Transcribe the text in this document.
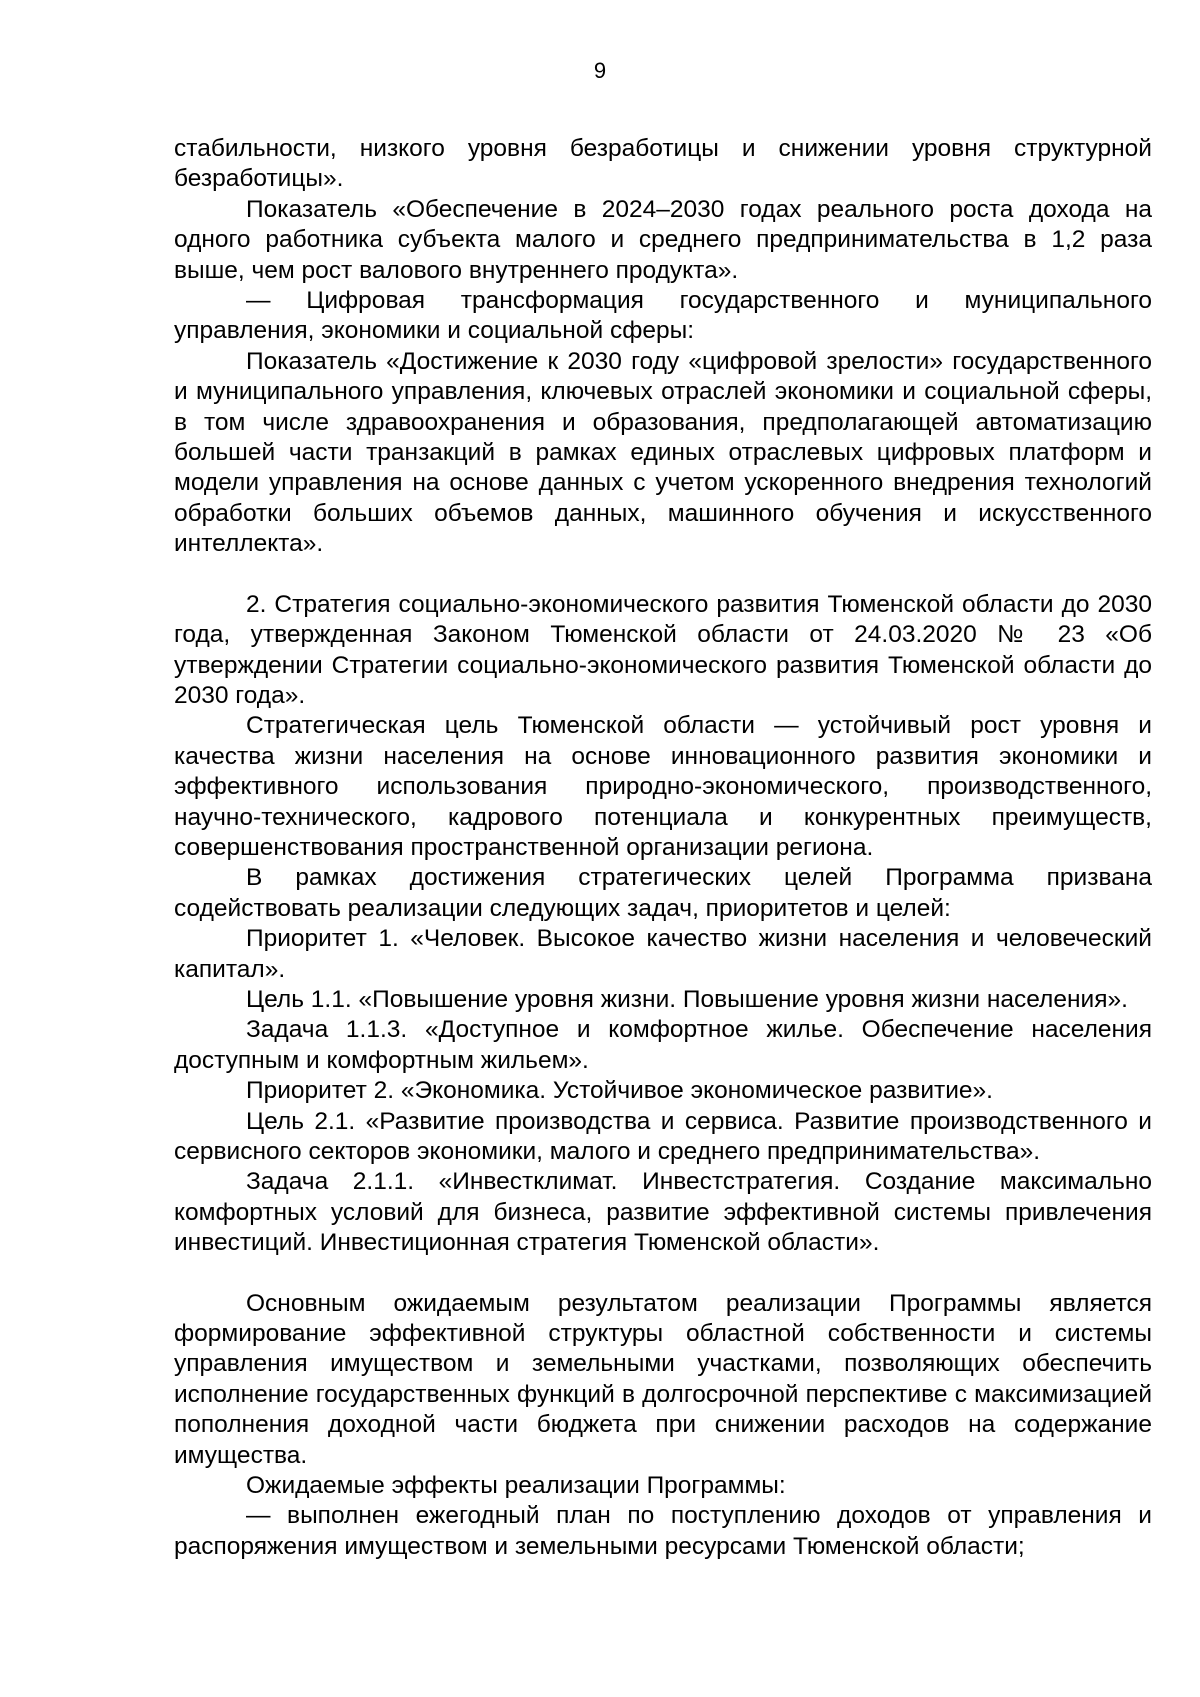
9

стабильности, низкого уровня безработицы и снижении уровня структурной безработицы».

Показатель «Обеспечение в 2024–2030 годах реального роста дохода на одного работника субъекта малого и среднего предпринимательства в 1,2 раза выше, чем рост валового внутреннего продукта».

— Цифровая трансформация государственного и муниципального управления, экономики и социальной сферы:

Показатель «Достижение к 2030 году «цифровой зрелости» государственного и муниципального управления, ключевых отраслей экономики и социальной сферы, в том числе здравоохранения и образования, предполагающей автоматизацию большей части транзакций в рамках единых отраслевых цифровых платформ и модели управления на основе данных с учетом ускоренного внедрения технологий обработки больших объемов данных, машинного обучения и искусственного интеллекта».

2. Стратегия социально-экономического развития Тюменской области до 2030 года, утвержденная Законом Тюменской области от 24.03.2020 № 23 «Об утверждении Стратегии социально-экономического развития Тюменской области до 2030 года».

Стратегическая цель Тюменской области — устойчивый рост уровня и качества жизни населения на основе инновационного развития экономики и эффективного использования природно-экономического, производственного, научно-технического, кадрового потенциала и конкурентных преимуществ, совершенствования пространственной организации региона.

В рамках достижения стратегических целей Программа призвана содействовать реализации следующих задач, приоритетов и целей:

Приоритет 1. «Человек. Высокое качество жизни населения и человеческий капитал».

Цель 1.1. «Повышение уровня жизни. Повышение уровня жизни населения».

Задача 1.1.3. «Доступное и комфортное жилье. Обеспечение населения доступным и комфортным жильем».

Приоритет 2. «Экономика. Устойчивое экономическое развитие».

Цель 2.1. «Развитие производства и сервиса. Развитие производственного и сервисного секторов экономики, малого и среднего предпринимательства».

Задача 2.1.1. «Инвестклимат. Инвестстратегия. Создание максимально комфортных условий для бизнеса, развитие эффективной системы привлечения инвестиций. Инвестиционная стратегия Тюменской области».

Основным ожидаемым результатом реализации Программы является формирование эффективной структуры областной собственности и системы управления имуществом и земельными участками, позволяющих обеспечить исполнение государственных функций в долгосрочной перспективе с максимизацией пополнения доходной части бюджета при снижении расходов на содержание имущества.

Ожидаемые эффекты реализации Программы:

— выполнен ежегодный план по поступлению доходов от управления и распоряжения имуществом и земельными ресурсами Тюменской области;
